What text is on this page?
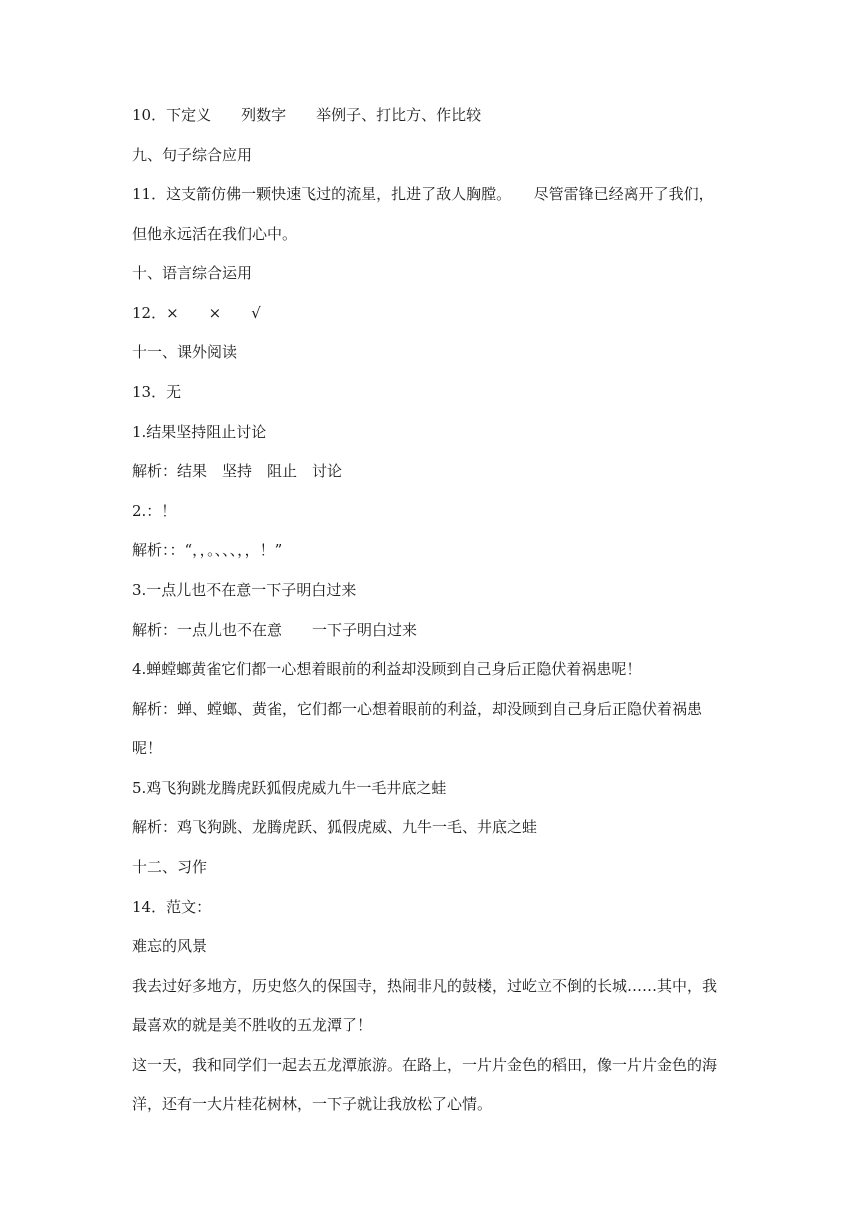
10．下定义　　列数字　　举例子、打比方、作比较
九、句子综合应用
11．这支箭仿佛一颗快速飞过的流星，扎进了敌人胸膛。　　尽管雷锋已经离开了我们，
但他永远活在我们心中。
十、语言综合运用
12．×　　×　　√
十一、课外阅读
13．无
1.结果坚持阻止讨论
解析：结果　坚持　阻止　讨论
2.：！
解析：：“，，。、、、，，！”
3.一点儿也不在意一下子明白过来
解析：一点儿也不在意　　一下子明白过来
4.蝉螳螂黄雀它们都一心想着眼前的利益却没顾到自己身后正隐伏着祸患呢！
解析：蝉、螳螂、黄雀，它们都一心想着眼前的利益，却没顾到自己身后正隐伏着祸患
呢！
5.鸡飞狗跳龙腾虎跃狐假虎威九牛一毛井底之蛙
解析：鸡飞狗跳、龙腾虎跃、狐假虎威、九牛一毛、井底之蛙
十二、习作
14．范文：
难忘的风景
我去过好多地方，历史悠久的保国寺，热闹非凡的鼓楼，过屹立不倒的长城……其中，我
最喜欢的就是美不胜收的五龙潭了！
这一天，我和同学们一起去五龙潭旅游。在路上，一片片金色的稻田，像一片片金色的海
洋，还有一大片桂花树林，一下子就让我放松了心情。
